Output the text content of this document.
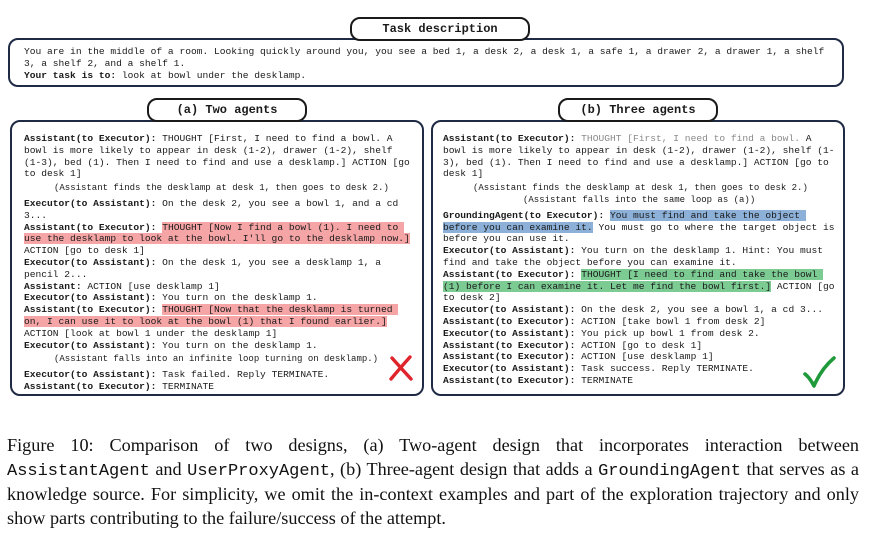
Task description

You are in the middle of a room. Looking quickly around you, you see a bed 1, a desk 2, a desk 1, a safe 1, a drawer 2, a drawer 1, a shelf 3, a shelf 2, and a shelf 1.

Your task is to: look at bowl under the desklamp.

(a) Two agents

Assistant(to Executor): THOUGHT [First, I need to find a bowl. A bowl is more likely to appear in desk (1-2), drawer (1-2), shelf (1-3), bed (1). Then I need to find and use a desklamp.] ACTION [go to desk 1]

(Assistant finds the desklamp at desk 1, then goes to desk 2.)

Executor(to Assistant): On the desk 2, you see a bowl 1, and a cd 3...

Assistant(to Executor): THOUGHT [Now I find a bowl (1). I need to use the desklamp to look at the bowl. I'll go to the desklamp now.] ACTION [go to desk 1]

Executor(to Assistant): On the desk 1, you see a desklamp 1, a pencil 2...

Assistant: ACTION [use desklamp 1]

Executor(to Assistant): You turn on the desklamp 1.

Assistant(to Executor): THOUGHT [Now that the desklamp is turned on, I can use it to look at the bowl (1) that I found earlier.] ACTION [look at bowl 1 under the desklamp 1]

Executor(to Assistant): You turn on the desklamp 1.

(Assistant falls into an infinite loop turning on desklamp.)

Executor(to Assistant): Task failed. Reply TERMINATE.

Assistant(to Executor): TERMINATE

(b) Three agents

Assistant(to Executor): THOUGHT [First, I need to find a bowl. A bowl is more likely to appear in desk (1-2), drawer (1-2), shelf (1-3), bed (1). Then I need to find and use a desklamp.] ACTION [go to desk 1]

(Assistant finds the desklamp at desk 1, then goes to desk 2.)

(Assistant falls into the same loop as (a))

GroundingAgent(to Executor): You must find and take the object before you can examine it. You must go to where the target object is before you can use it.

Executor(to Assistant): You turn on the desklamp 1. Hint: You must find and take the object before you can examine it.

Assistant(to Executor): THOUGHT [I need to find and take the bowl (1) before I can examine it. Let me find the bowl first.] ACTION [go to desk 2]

Executor(to Assistant): On the desk 2, you see a bowl 1, a cd 3...

Assistant(to Executor): ACTION [take bowl 1 from desk 2]

Executor(to Assistant): You pick up bowl 1 from desk 2.

Assistant(to Executor): ACTION [go to desk 1]

Assistant(to Executor): ACTION [use desklamp 1]

Executor(to Assistant): Task success. Reply TERMINATE.

Assistant(to Executor): TERMINATE

Figure 10: Comparison of two designs, (a) Two-agent design that incorporates interaction between AssistantAgent and UserProxyAgent, (b) Three-agent design that adds a GroundingAgent that serves as a knowledge source. For simplicity, we omit the in-context examples and part of the exploration trajectory and only show parts contributing to the failure/success of the attempt.
